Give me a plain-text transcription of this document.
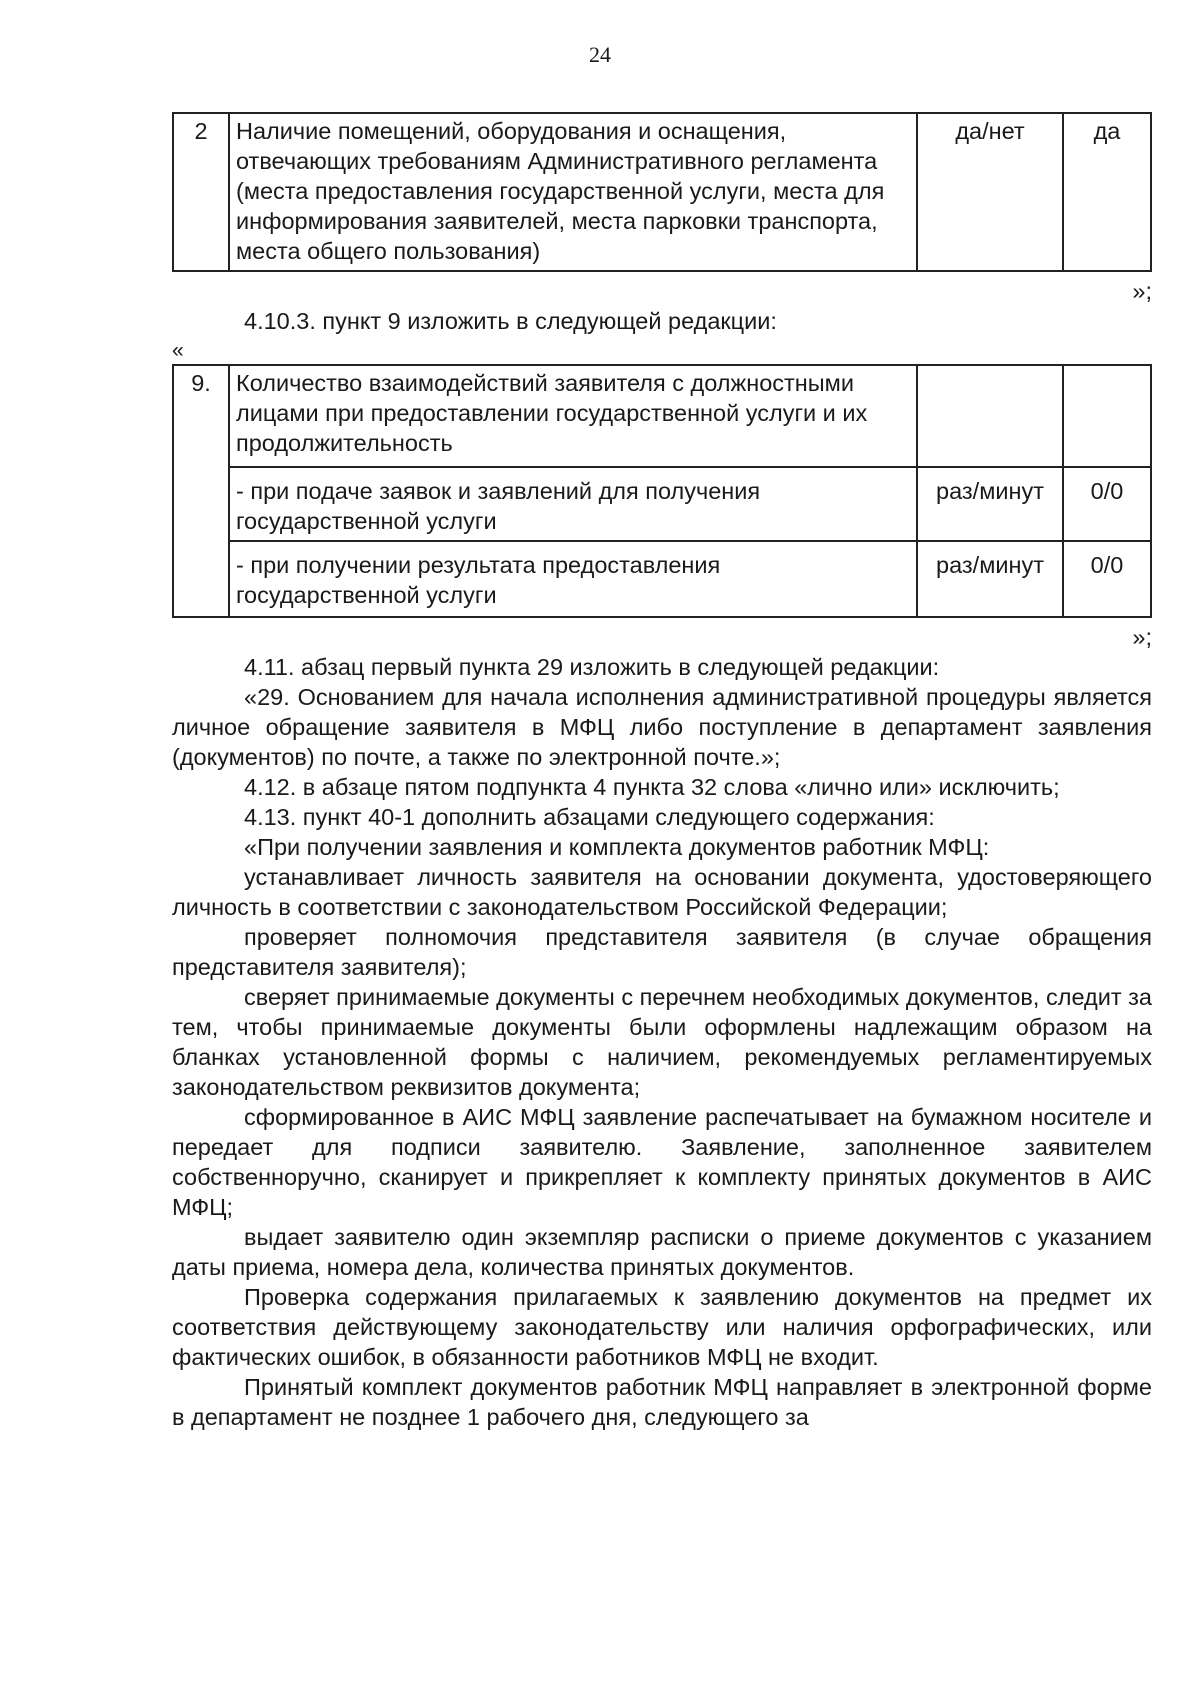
24
2	Наличие помещений, оборудования и оснащения, отвечающих требованиям Административного регламента (места предоставления государственной услуги, места для информирования заявителей, места парковки транспорта, места общего пользования)	да/нет	да
»;

4.10.3. пункт 9 изложить в следующей редакции:

«
9.	Количество взаимодействий заявителя с должностными лицами при предоставлении государственной услуги и их продолжительность		
	- при подаче заявок и заявлений для получения государственной услуги	раз/минут	0/0
	- при получении результата предоставления государственной услуги	раз/минут	0/0
»;

4.11. абзац первый пункта 29 изложить в следующей редакции:

«29. Основанием для начала исполнения административной процедуры является личное обращение заявителя в МФЦ либо поступление в департамент заявления (документов) по почте, а также по электронной почте.»;

4.12. в абзаце пятом подпункта 4 пункта 32 слова «лично или» исключить;

4.13. пункт 40-1 дополнить абзацами следующего содержания:

«При получении заявления и комплекта документов работник МФЦ:

устанавливает личность заявителя на основании документа, удостоверяющего личность в соответствии с законодательством Российской Федерации;

проверяет полномочия представителя заявителя (в случае обращения представителя заявителя);

сверяет принимаемые документы с перечнем необходимых документов, следит за тем, чтобы принимаемые документы были оформлены надлежащим образом на бланках установленной формы с наличием, рекомендуемых регламентируемых законодательством реквизитов документа;

сформированное в АИС МФЦ заявление распечатывает на бумажном носителе и передает для подписи заявителю. Заявление, заполненное заявителем собственноручно, сканирует и прикрепляет к комплекту принятых документов в АИС МФЦ;

выдает заявителю один экземпляр расписки о приеме документов с указанием даты приема, номера дела, количества принятых документов.

Проверка содержания прилагаемых к заявлению документов на предмет их соответствия действующему законодательству или наличия орфографических, или фактических ошибок, в обязанности работников МФЦ не входит.

Принятый комплект документов работник МФЦ направляет в электронной форме в департамент не позднее 1 рабочего дня, следующего за
